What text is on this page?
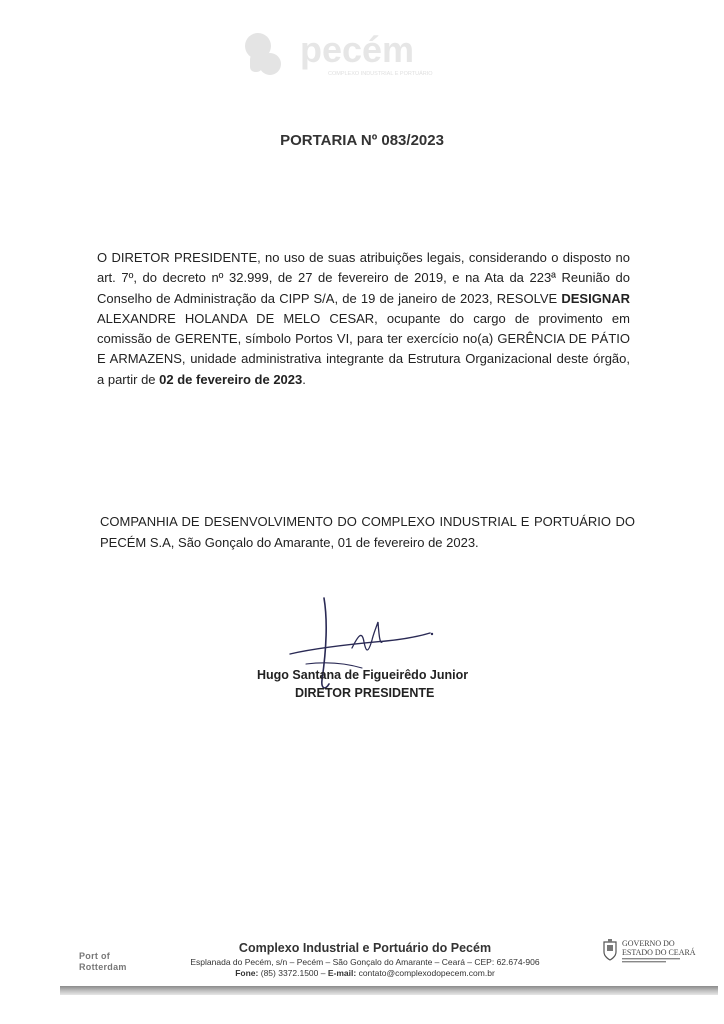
pecém
COMPLEXO INDUSTRIAL E PORTUÁRIO
PORTARIA Nº 083/2023
O DIRETOR PRESIDENTE, no uso de suas atribuições legais, considerando o disposto no art. 7º, do decreto nº 32.999, de 27 de fevereiro de 2019, e na Ata da 223ª Reunião do Conselho de Administração da CIPP S/A, de 19 de janeiro de 2023, RESOLVE DESIGNAR ALEXANDRE HOLANDA DE MELO CESAR, ocupante do cargo de provimento em comissão de GERENTE, símbolo Portos VI, para ter exercício no(a) GERÊNCIA DE PÁTIO E ARMAZENS, unidade administrativa integrante da Estrutura Organizacional deste órgão, a partir de 02 de fevereiro de 2023.
COMPANHIA DE DESENVOLVIMENTO DO COMPLEXO INDUSTRIAL E PORTUÁRIO DO PECÉM S.A, São Gonçalo do Amarante, 01 de fevereiro de 2023.
Hugo Santana de Figueirêdo Junior
DIRETOR PRESIDENTE
Port of
Rotterdam
Complexo Industrial e Portuário do Pecém
Esplanada do Pecém, s/n – Pecém – São Gonçalo do Amarante – Ceará – CEP: 62.674-906
Fone: (85) 3372.1500 – E-mail: contato@complexodopecem.com.br
GOVERNO DO
ESTADO DO CEARÁ
